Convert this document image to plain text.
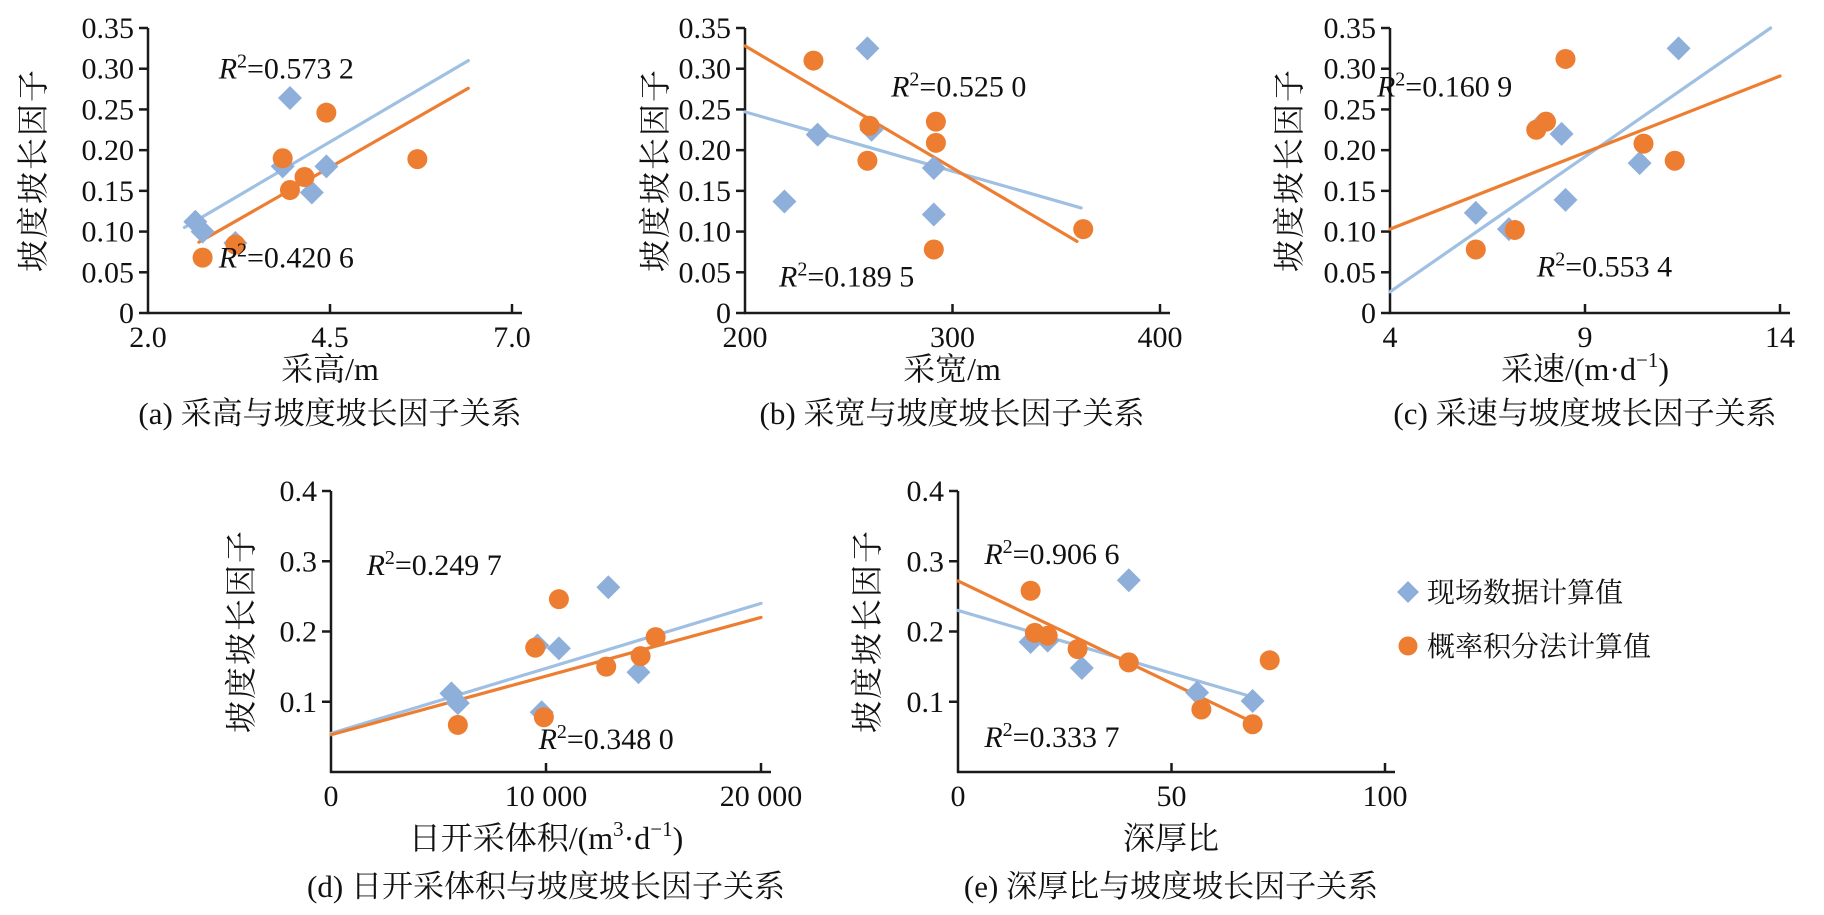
0
0.05
0.10
0.15
0.20
0.25
0.30
0.35
2.0	4.5	7.0
$R^2=0.573$ 2
$R^2=0.420$ 6
0
0.05
0.10
0.15
0.20
0.25
0.30
0.35
200	300	400
$R^2=0.525$ 0
$R^2=0.189$ 5
0
0.05
0.10
0.15
0.20
0.25
0.30
0.35
4	9	14
$R^2=0.160$ 9
$R^2=0.553$ 4
0.1
0.2
0.3
0.4
0	10 000	20 000
$R^2=0.249$ 7
$R^2=0.348$ 0
0.1
0.2
0.3
0.4
0	50	100
$R^2=0.906$ 6
$R^2=0.333$ 7
坡度坡长因子	坡度坡长因子	坡度坡长因子
坡度坡长因子	坡度坡长因子
采高/m	采宽/m	采速$/(m\cdot d^{-1})$
日开采体积$/(m^3\cdot d^{-1})$	深厚比
(a) 采高与坡度坡长因子关系	(b) 采宽与坡度坡长因子关系	(c) 采速与坡度坡长因子关系
(d) 日开采体积与坡度坡长因子关系	(e) 深厚比与坡度坡长因子关系
现场数据计算值
概率积分法计算值
